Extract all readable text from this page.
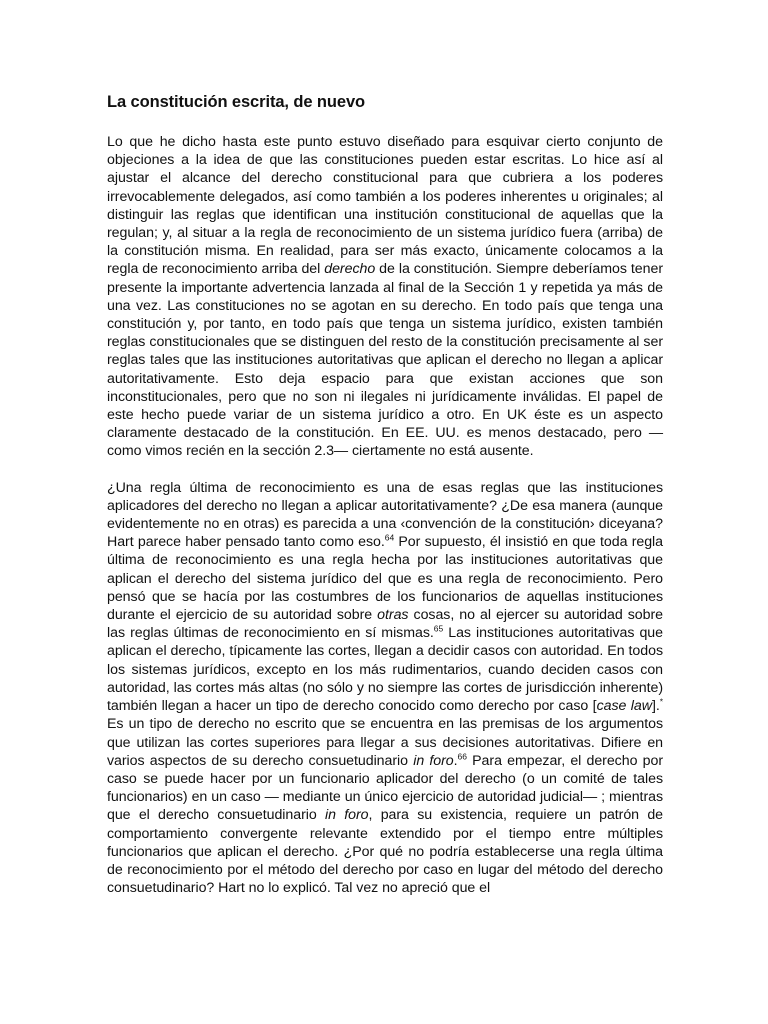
La constitución escrita, de nuevo

Lo que he dicho hasta este punto estuvo diseñado para esquivar cierto conjunto de objeciones a la idea de que las constituciones pueden estar escritas. Lo hice así al ajustar el alcance del derecho constitucional para que cubriera a los poderes irrevocablemente delegados, así como también a los poderes inherentes u originales; al distinguir las reglas que identifican una institución constitucional de aquellas que la regulan; y, al situar a la regla de reconocimiento de un sistema jurídico fuera (arriba) de la constitución misma. En realidad, para ser más exacto, únicamente colocamos a la regla de reconocimiento arriba del derecho de la constitución. Siempre deberíamos tener presente la importante advertencia lanzada al final de la Sección 1 y repetida ya más de una vez. Las constituciones no se agotan en su derecho. En todo país que tenga una constitución y, por tanto, en todo país que tenga un sistema jurídico, existen también reglas constitucionales que se distinguen del resto de la constitución precisamente al ser reglas tales que las instituciones autoritativas que aplican el derecho no llegan a aplicar autoritativamente. Esto deja espacio para que existan acciones que son inconstitucionales, pero que no son ni ilegales ni jurídicamente inválidas. El papel de este hecho puede variar de un sistema jurídico a otro. En UK éste es un aspecto claramente destacado de la constitución. En EE. UU. es menos destacado, pero — como vimos recién en la sección 2.3— ciertamente no está ausente.

¿Una regla última de reconocimiento es una de esas reglas que las instituciones aplicadores del derecho no llegan a aplicar autoritativamente? ¿De esa manera (aunque evidentemente no en otras) es parecida a una ‹convención de la constitución› diceyana? Hart parece haber pensado tanto como eso.$^{64}$ Por supuesto, él insistió en que toda regla última de reconocimiento es una regla hecha por las instituciones autoritativas que aplican el derecho del sistema jurídico del que es una regla de reconocimiento. Pero pensó que se hacía por las costumbres de los funcionarios de aquellas instituciones durante el ejercicio de su autoridad sobre otras cosas, no al ejercer su autoridad sobre las reglas últimas de reconocimiento en sí mismas.$^{65}$ Las instituciones autoritativas que aplican el derecho, típicamente las cortes, llegan a decidir casos con autoridad. En todos los sistemas jurídicos, excepto en los más rudimentarios, cuando deciden casos con autoridad, las cortes más altas (no sólo y no siempre las cortes de jurisdicción inherente) también llegan a hacer un tipo de derecho conocido como derecho por caso [case law].* Es un tipo de derecho no escrito que se encuentra en las premisas de los argumentos que utilizan las cortes superiores para llegar a sus decisiones autoritativas. Difiere en varios aspectos de su derecho consuetudinario in foro.$^{66}$ Para empezar, el derecho por caso se puede hacer por un funcionario aplicador del derecho (o un comité de tales funcionarios) en un caso — mediante un único ejercicio de autoridad judicial— ; mientras que el derecho consuetudinario in foro, para su existencia, requiere un patrón de comportamiento convergente relevante extendido por el tiempo entre múltiples funcionarios que aplican el derecho. ¿Por qué no podría establecerse una regla última de reconocimiento por el método del derecho por caso en lugar del método del derecho consuetudinario? Hart no lo explicó. Tal vez no apreció que el
